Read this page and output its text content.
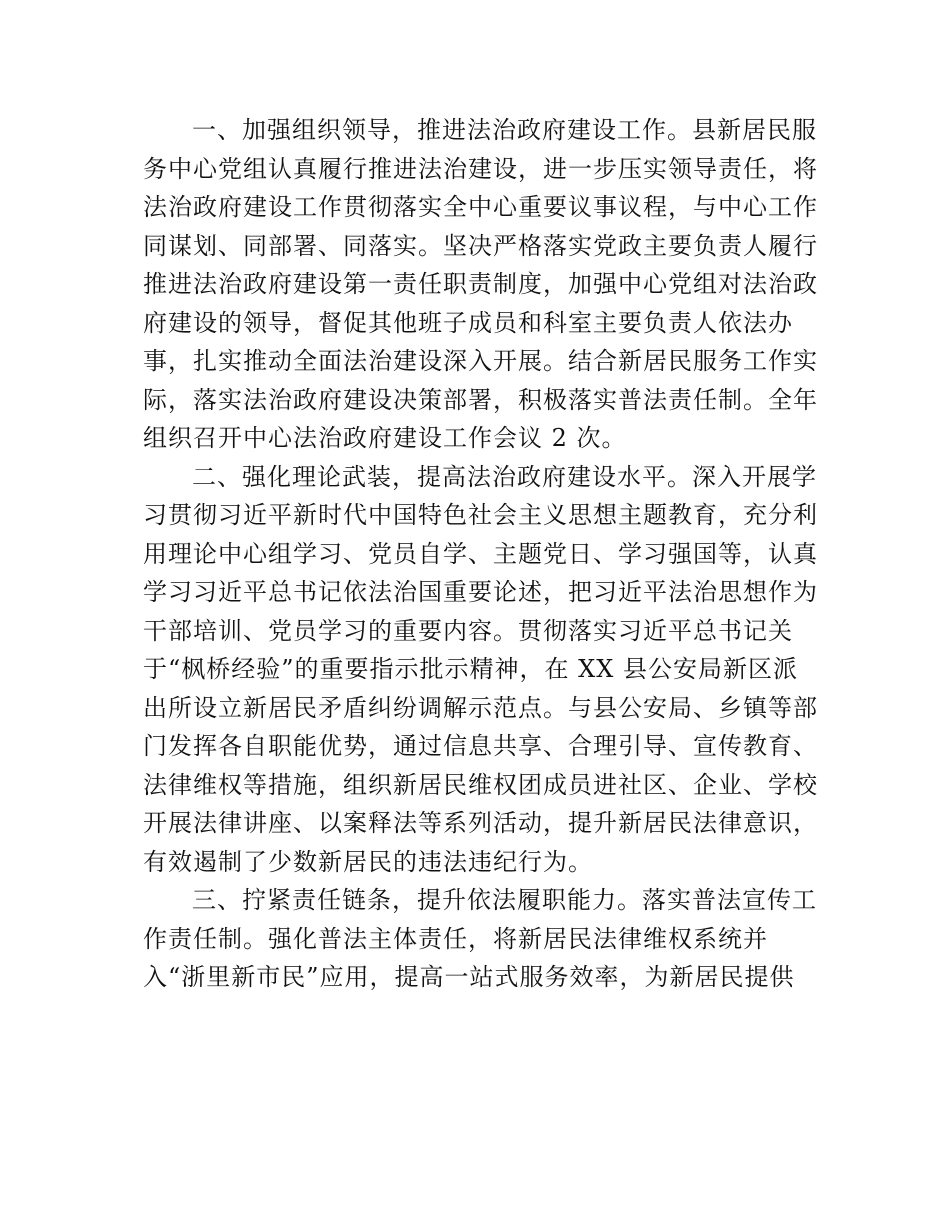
一、加强组织领导，推进法治政府建设工作。县新居民服
务中心党组认真履行推进法治建设，进一步压实领导责任，将
法治政府建设工作贯彻落实全中心重要议事议程，与中心工作
同谋划、同部署、同落实。坚决严格落实党政主要负责人履行
推进法治政府建设第一责任职责制度，加强中心党组对法治政
府建设的领导，督促其他班子成员和科室主要负责人依法办
事，扎实推动全面法治建设深入开展。结合新居民服务工作实
际，落实法治政府建设决策部署，积极落实普法责任制。全年
组织召开中心法治政府建设工作会议 2 次。
二、强化理论武装，提高法治政府建设水平。深入开展学
习贯彻习近平新时代中国特色社会主义思想主题教育，充分利
用理论中心组学习、党员自学、主题党日、学习强国等，认真
学习习近平总书记依法治国重要论述，把习近平法治思想作为
干部培训、党员学习的重要内容。贯彻落实习近平总书记关
于“枫桥经验”的重要指示批示精神，在 XX 县公安局新区派
出所设立新居民矛盾纠纷调解示范点。与县公安局、乡镇等部
门发挥各自职能优势，通过信息共享、合理引导、宣传教育、
法律维权等措施，组织新居民维权团成员进社区、企业、学校
开展法律讲座、以案释法等系列活动，提升新居民法律意识，
有效遏制了少数新居民的违法违纪行为。
三、拧紧责任链条，提升依法履职能力。落实普法宣传工
作责任制。强化普法主体责任，将新居民法律维权系统并
入“浙里新市民”应用，提高一站式服务效率，为新居民提供
